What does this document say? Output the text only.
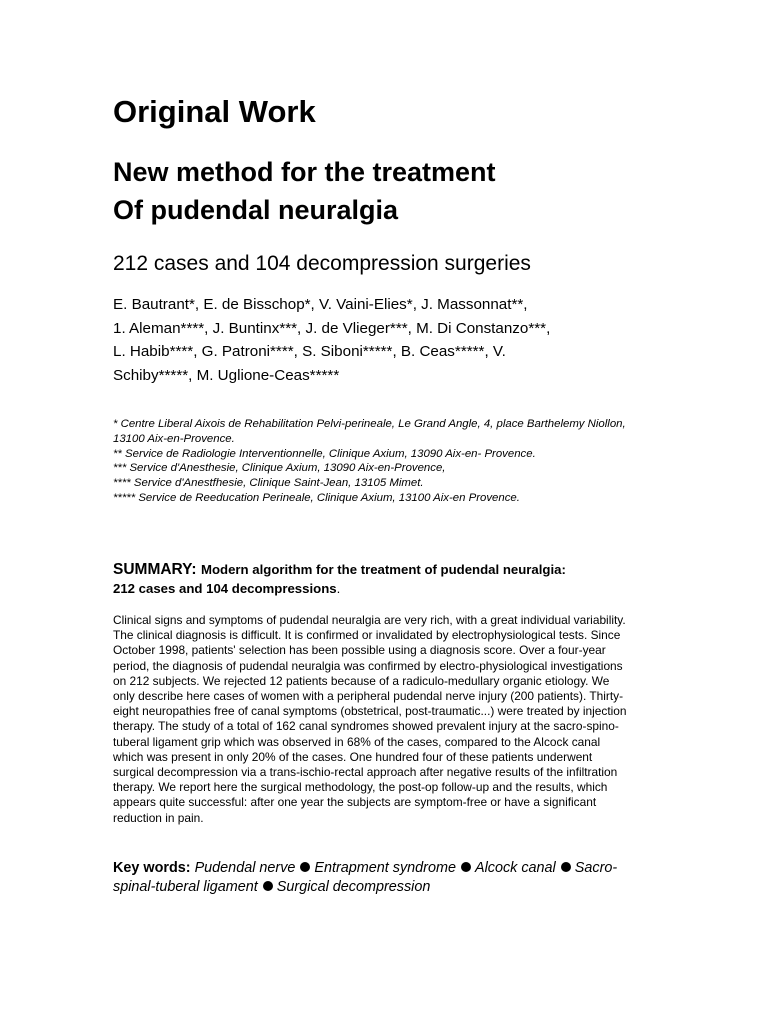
Original Work
New method for the treatment
Of pudendal neuralgia
212 cases and 104 decompression surgeries
E. Bautrant*, E. de Bisschop*, V. Vaini-Elies*, J. Massonnat**,
1. Aleman****, J. Buntinx***, J. de Vlieger***, M. Di Constanzo***,
L. Habib****, G. Patroni****, S. Siboni*****, B. Ceas*****, V.
Schiby*****, M. Uglione-Ceas*****
* Centre Liberal Aixois de Rehabilitation Pelvi-perineale, Le Grand Angle, 4, place Barthelemy Niollon, 13100 Aix-en-Provence.
** Service de Radiologie Interventionnelle, Clinique Axium, 13090 Aix-en- Provence.
*** Service d'Anesthesie, Clinique Axium, 13090 Aix-en-Provence,
**** Service d'Anestfhesie, Clinique Saint-Jean, 13105 Mimet.
***** Service de Reeducation Perineale, Clinique Axium, 13100 Aix-en Provence.
SUMMARY: Modern algorithm for the treatment of pudendal neuralgia:
212 cases and 104 decompressions.
Clinical signs and symptoms of pudendal neuralgia are very rich, with a great individual variability.
The clinical diagnosis is difficult. It is confirmed or invalidated by electrophysiological tests. Since
October 1998, patients' selection has been possible using a diagnosis score. Over a four-year
period, the diagnosis of pudendal neuralgia was confirmed by electro-physiological investigations
on 212 subjects. We rejected 12 patients because of a radiculo-medullary organic etiology. We
only describe here cases of women with a peripheral pudendal nerve injury (200 patients). Thirty-
eight neuropathies free of canal symptoms (obstetrical, post-traumatic...) were treated by injection
therapy. The study of a total of 162 canal syndromes showed prevalent injury at the sacro-spino-
tuberal ligament grip which was observed in 68% of the cases, compared to the Alcock canal
which was present in only 20% of the cases. One hundred four of these patients underwent
surgical decompression via a trans-ischio-rectal approach after negative results of the infiltration
therapy. We report here the surgical methodology, the post-op follow-up and the results, which
appears quite successful: after one year the subjects are symptom-free or have a significant
reduction in pain.
Key words: Pudendal nerve Entrapment syndrome Alcock canal Sacro-
spinal-tuberal ligament Surgical decompression
